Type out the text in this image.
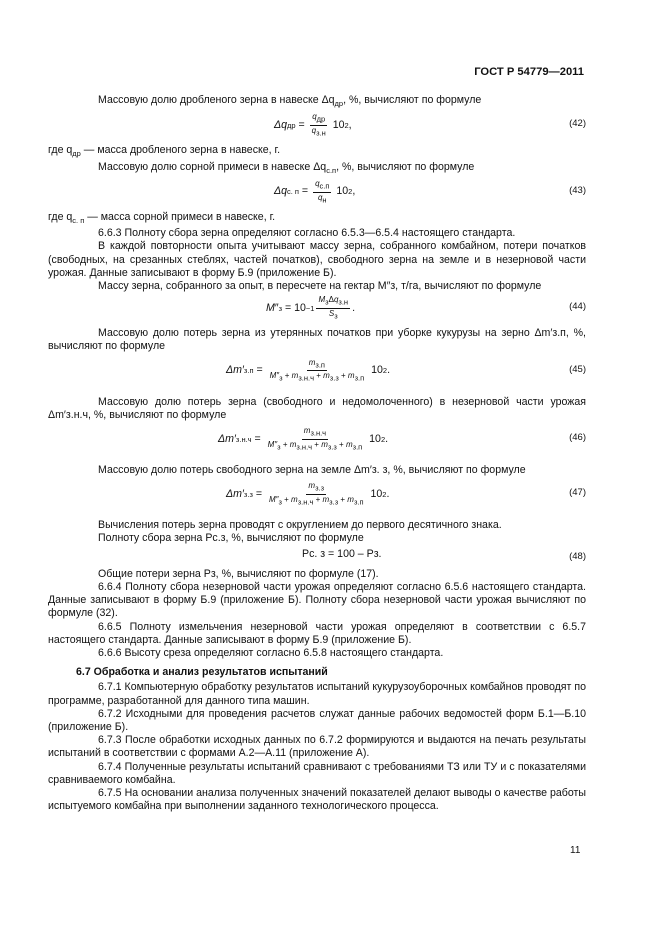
ГОСТ Р 54779—2011

Массовую долю дробленого зерна в навеске $\Delta q_{др}$, %, вычисляют по формуле

Δq др = $\frac{q_{др}}{q_{з.н}} 10$ 2 ,	(42)

где $q_{др}$ — масса дробленого зерна в навеске, г.

Массовую долю сорной примеси в навеске $\Delta q_{с.п}$, %, вычисляют по формуле

Δq с. $п = \frac{q_{с.п}}{q_н} 10$ 2 ,	(43)

где $q_{с. п}$ — масса сорной примеси в навеске, г.

6.6.3 Полноту сбора зерна определяют согласно 6.5.3—6.5.4 настоящего стандарта.

В каждой повторности опыта учитывают массу зерна, собранного комбайном, потери початков (свободных, на срезанных стеблях, частей початков), свободного зерна на земле и в незерновой части урожая. Данные записывают в форму Б.9 (приложение Б).

Массу зерна, собранного за опыт, в пересчете на гектар M″з, т/га, вычисляют по формуле

M ″ $з = 10 -1 \frac{M_з\Delta q_{з.н}}{S_з}$ .	(44)

Массовую долю потерь зерна из утерянных початков при уборке кукурузы на зерно Δm′з.п, %, вычисляют по формуле

Δm′ $з.п = \frac{m_{з.п}}{M''_з + m_{з.н.ч} + m_{з.з} + m_{з.п}} 10$ 2 .	(45)

Массовую долю потерь зерна (свободного и недомолоченного) в незерновой части урожая Δm′з.н.ч, %, вычисляют по формуле

Δm′ $з.н.ч = \frac{m_{з.н.ч}}{M''_з + m_{з.н.ч} + m_{з.з} + m_{з.п}} 10$ 2 .	(46)

Массовую долю потерь свободного зерна на земле Δm′з. з, %, вычисляют по формуле

Δm′ $з.з = \frac{m_{з.з}}{M''_з + m_{з.н.ч} + m_{з.з} + m_{з.п}} 10$ 2 .	(47)

Вычисления потерь зерна проводят с округлением до первого десятичного знака.

Полноту сбора зерна Pс.з, %, вычисляют по формуле

Pс. з = 100 – Pз.	(48)

Общие потери зерна Pз, %, вычисляют по формуле (17).

6.6.4 Полноту сбора незерновой части урожая определяют согласно 6.5.6 настоящего стандарта. Данные записывают в форму Б.9 (приложение Б). Полноту сбора незерновой части урожая вычисляют по формуле (32).

6.6.5 Полноту измельчения незерновой части урожая определяют в соответствии с 6.5.7 настоящего стандарта. Данные записывают в форму Б.9 (приложение Б).

6.6.6 Высоту среза определяют согласно 6.5.8 настоящего стандарта.

6.7 Обработка и анализ результатов испытаний

6.7.1 Компьютерную обработку результатов испытаний кукурузоуборочных комбайнов проводят по программе, разработанной для данного типа машин.

6.7.2 Исходными для проведения расчетов служат данные рабочих ведомостей форм Б.1—Б.10 (приложение Б).

6.7.3 После обработки исходных данных по 6.7.2 формируются и выдаются на печать результаты испытаний в соответствии с формами А.2—А.11 (приложение А).

6.7.4 Полученные результаты испытаний сравнивают с требованиями ТЗ или ТУ и с показателями сравниваемого комбайна.

6.7.5 На основании анализа полученных значений показателей делают выводы о качестве работы испытуемого комбайна при выполнении заданного технологического процесса.

11
